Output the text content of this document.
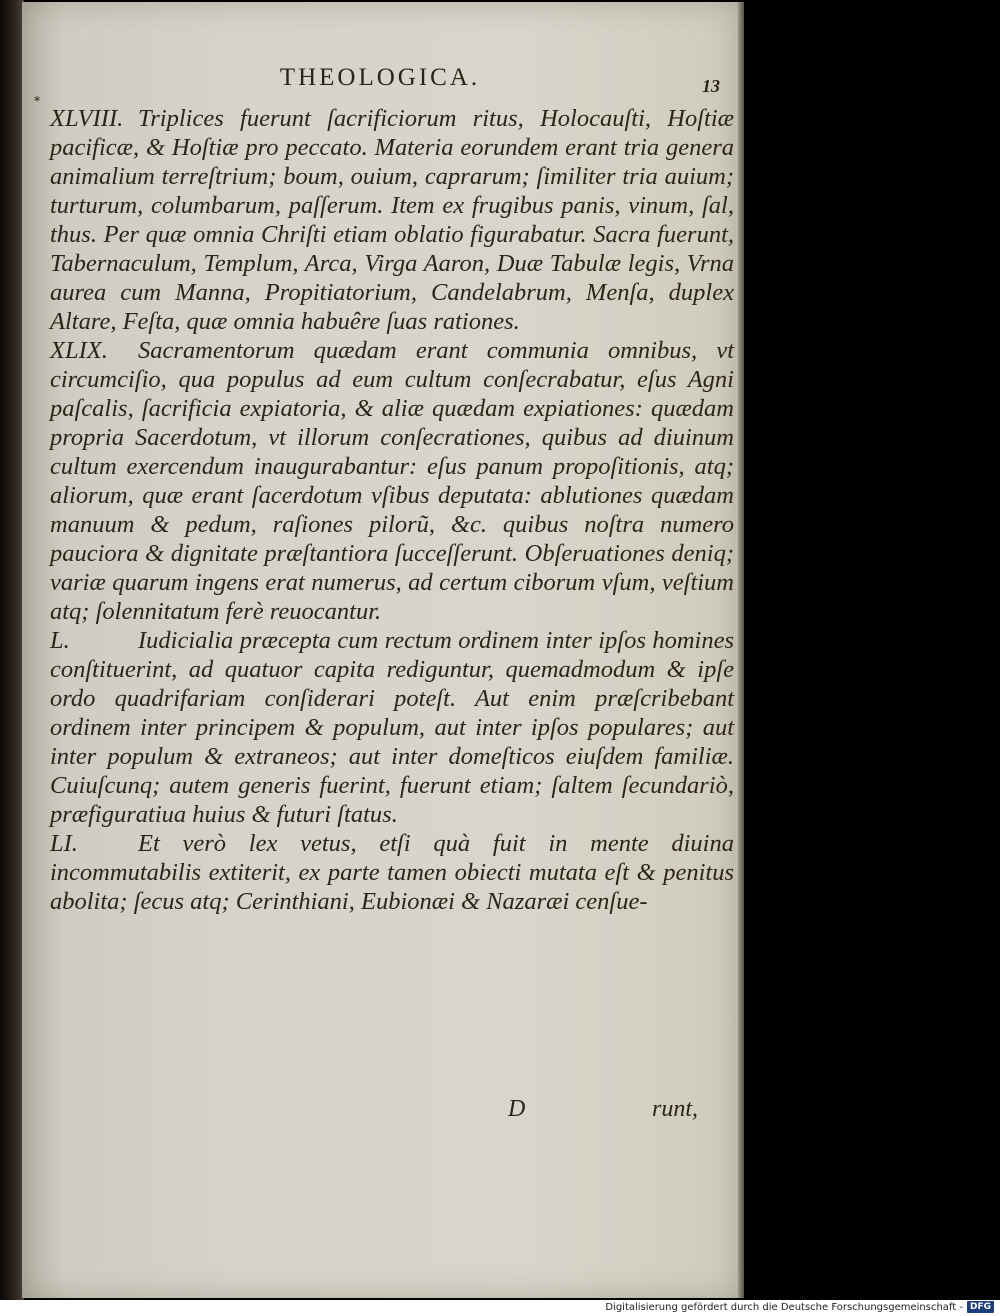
THEOLOGICA.	13
*

XLVIII. Triplices fuerunt ſacrificiorum ritus, Holocauſti, Hoſtiæ pacificæ, & Hoſtiæ pro peccato. Materia eorundem erant tria genera animalium terreſtrium; boum, ouium, caprarum; ſimiliter tria auium; turturum, columbarum, paſſerum. Item ex frugibus panis, vinum, ſal, thus. Per quæ omnia Chriſti etiam oblatio figurabatur. Sacra fuerunt, Tabernaculum, Templum, Arca, Virga Aaron, Duæ Tabulæ legis, Vrna aurea cum Manna, Propitiatorium, Candelabrum, Menſa, duplex Altare, Feſta, quæ omnia habuêre ſuas rationes.

XLIX. Sacramentorum quædam erant communia omnibus, vt circumciſio, qua populus ad eum cultum conſecrabatur, eſus Agni paſcalis, ſacrificia expiatoria, & aliæ quædam expiationes: quædam propria Sacerdotum, vt illorum conſecrationes, quibus ad diuinum cultum exercendum inaugurabantur: eſus panum propoſitionis, atq; aliorum, quæ erant ſacerdotum vſibus deputata: ablutiones quædam manuum & pedum, raſiones pilorũ, &c. quibus noſtra numero pauciora & dignitate præſtantiora ſucceſſerunt. Obſeruationes deniq; variæ quarum ingens erat numerus, ad certum ciborum vſum, veſtium atq; ſolennitatum ferè reuocantur.

L.	Iudicialia præcepta cum rectum ordinem inter ipſos homines conſtituerint, ad quatuor capita rediguntur, quemadmodum & ipſe ordo quadrifariam conſiderari poteſt. Aut enim præſcribebant ordinem inter principem & populum, aut inter ipſos populares; aut inter populum & extraneos; aut inter domeſticos eiuſdem familiæ. Cuiuſcunq; autem generis fuerint, fuerunt etiam; ſaltem ſecundariò, præfiguratiua huius & futuri ſtatus.

LI. Et verò lex vetus, etſi quà fuit in mente diuina incommutabilis extiterit, ex parte tamen obiecti mutata eſt & penitus abolita; ſecus atq; Cerinthiani, Eubionæi & Nazaræi cenſue-

D	runt,
Digitalisierung gefördert durch die Deutsche Forschungsgemeinschaft - DFG
